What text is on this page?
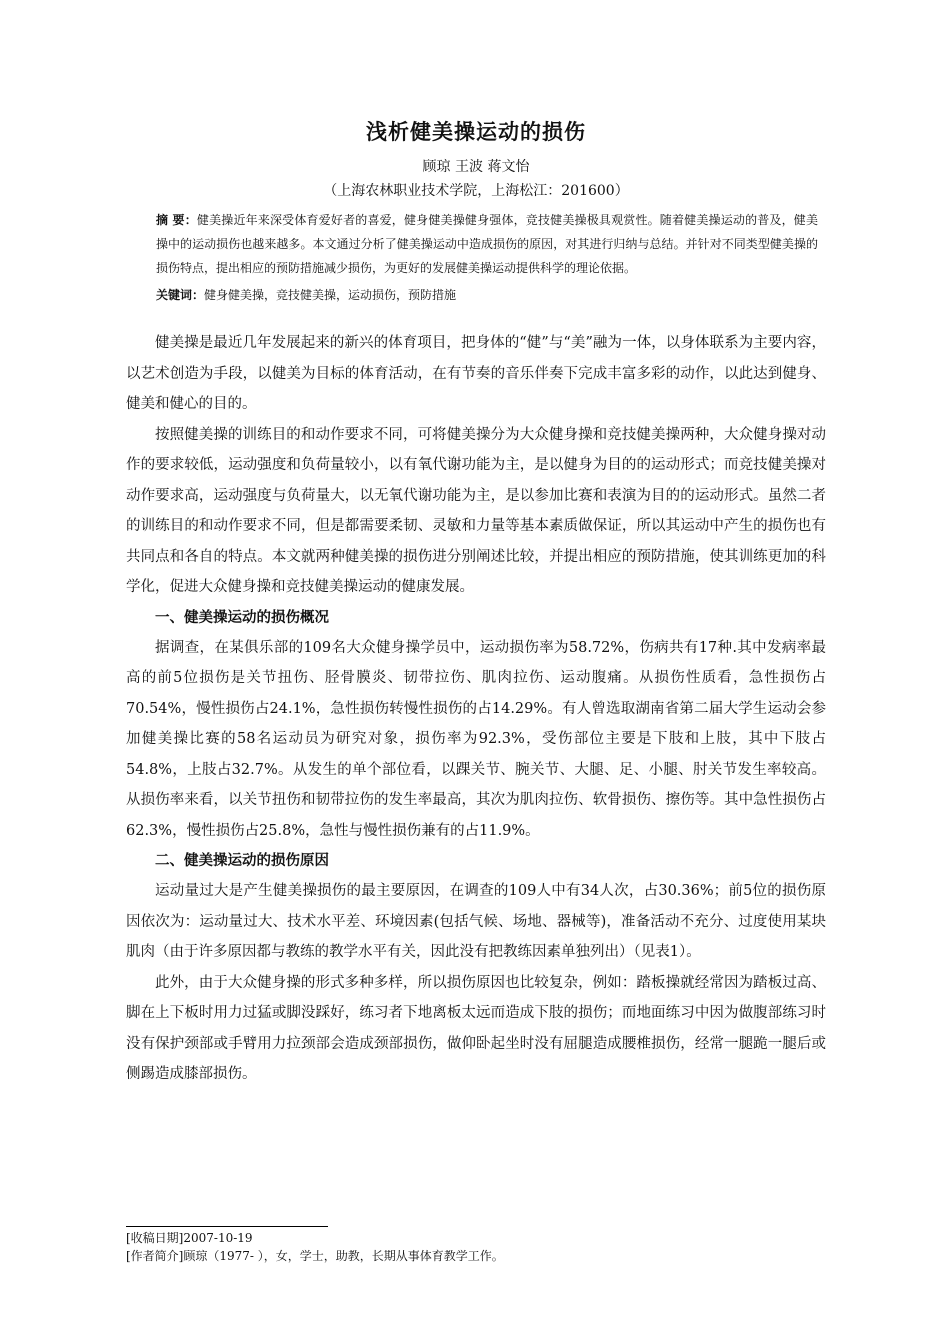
浅析健美操运动的损伤

顾琼 王波 蒋文怡

（上海农林职业技术学院，上海松江：201600）

摘 要：健美操近年来深受体育爱好者的喜爱，健身健美操健身强体，竞技健美操极具观赏性。随着健美操运动的普及，健美操中的运动损伤也越来越多。本文通过分析了健美操运动中造成损伤的原因，对其进行归纳与总结。并针对不同类型健美操的损伤特点，提出相应的预防措施减少损伤，为更好的发展健美操运动提供科学的理论依据。

关键词：健身健美操，竞技健美操，运动损伤，预防措施

健美操是最近几年发展起来的新兴的体育项目，把身体的“健”与“美”融为一体，以身体联系为主要内容，以艺术创造为手段，以健美为目标的体育活动，在有节奏的音乐伴奏下完成丰富多彩的动作，以此达到健身、健美和健心的目的。

按照健美操的训练目的和动作要求不同，可将健美操分为大众健身操和竞技健美操两种，大众健身操对动作的要求较低，运动强度和负荷量较小，以有氧代谢功能为主，是以健身为目的的运动形式；而竞技健美操对动作要求高，运动强度与负荷量大，以无氧代谢功能为主，是以参加比赛和表演为目的的运动形式。虽然二者的训练目的和动作要求不同，但是都需要柔韧、灵敏和力量等基本素质做保证，所以其运动中产生的损伤也有共同点和各自的特点。本文就两种健美操的损伤进分别阐述比较，并提出相应的预防措施，使其训练更加的科学化，促进大众健身操和竞技健美操运动的健康发展。

一、健美操运动的损伤概况

据调查，在某俱乐部的109名大众健身操学员中，运动损伤率为58.72%，伤病共有17种.其中发病率最高的前5位损伤是关节扭伤、胫骨膜炎、韧带拉伤、肌肉拉伤、运动腹痛。从损伤性质看，急性损伤占70.54%，慢性损伤占24.1%，急性损伤转慢性损伤的占14.29%。有人曾选取湖南省第二届大学生运动会参加健美操比赛的58名运动员为研究对象，损伤率为92.3%，受伤部位主要是下肢和上肢，其中下肢占54.8%，上肢占32.7%。从发生的单个部位看，以踝关节、腕关节、大腿、足、小腿、肘关节发生率较高。从损伤率来看，以关节扭伤和韧带拉伤的发生率最高，其次为肌肉拉伤、软骨损伤、擦伤等。其中急性损伤占62.3%，慢性损伤占25.8%，急性与慢性损伤兼有的占11.9%。

二、健美操运动的损伤原因

运动量过大是产生健美操损伤的最主要原因，在调查的109人中有34人次，占30.36%；前5位的损伤原因依次为：运动量过大、技术水平差、环境因素(包括气候、场地、器械等)，准备活动不充分、过度使用某块肌肉（由于许多原因都与教练的教学水平有关，因此没有把教练因素单独列出）（见表1）。

此外，由于大众健身操的形式多种多样，所以损伤原因也比较复杂，例如：踏板操就经常因为踏板过高、脚在上下板时用力过猛或脚没踩好，练习者下地离板太远而造成下肢的损伤；而地面练习中因为做腹部练习时没有保护颈部或手臂用力拉颈部会造成颈部损伤，做仰卧起坐时没有屈腿造成腰椎损伤，经常一腿跪一腿后或侧踢造成膝部损伤。

[收稿日期]2007-10-19

[作者简介]顾琼（1977- ），女，学士，助教，长期从事体育教学工作。
